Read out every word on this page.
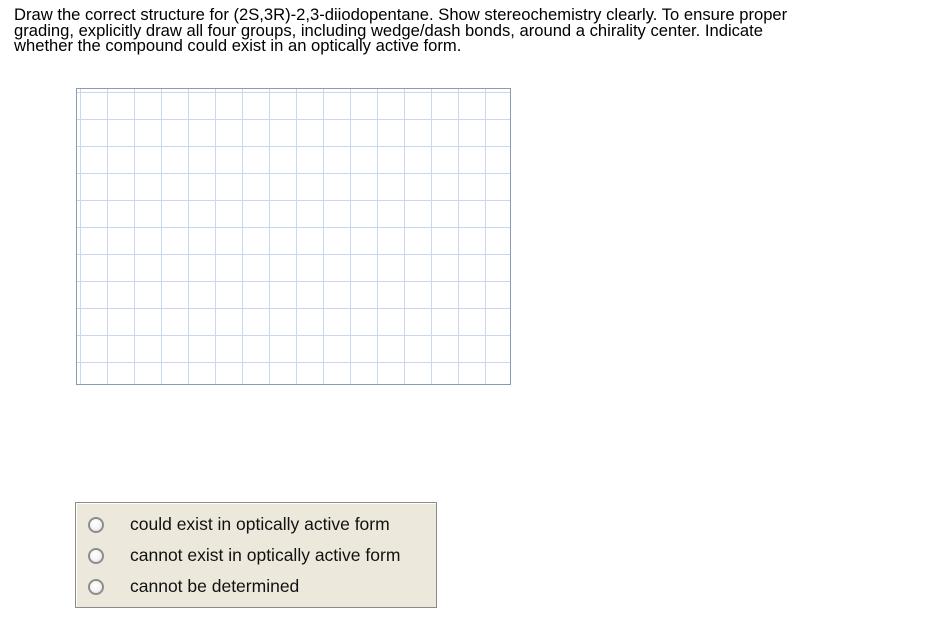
Draw the correct structure for (2S,3R)-2,3-diiodopentane. Show stereochemistry clearly. To ensure proper
grading, explicitly draw all four groups, including wedge/dash bonds, around a chirality center. Indicate
whether the compound could exist in an optically active form.

could exist in optically active form
cannot exist in optically active form
cannot be determined
